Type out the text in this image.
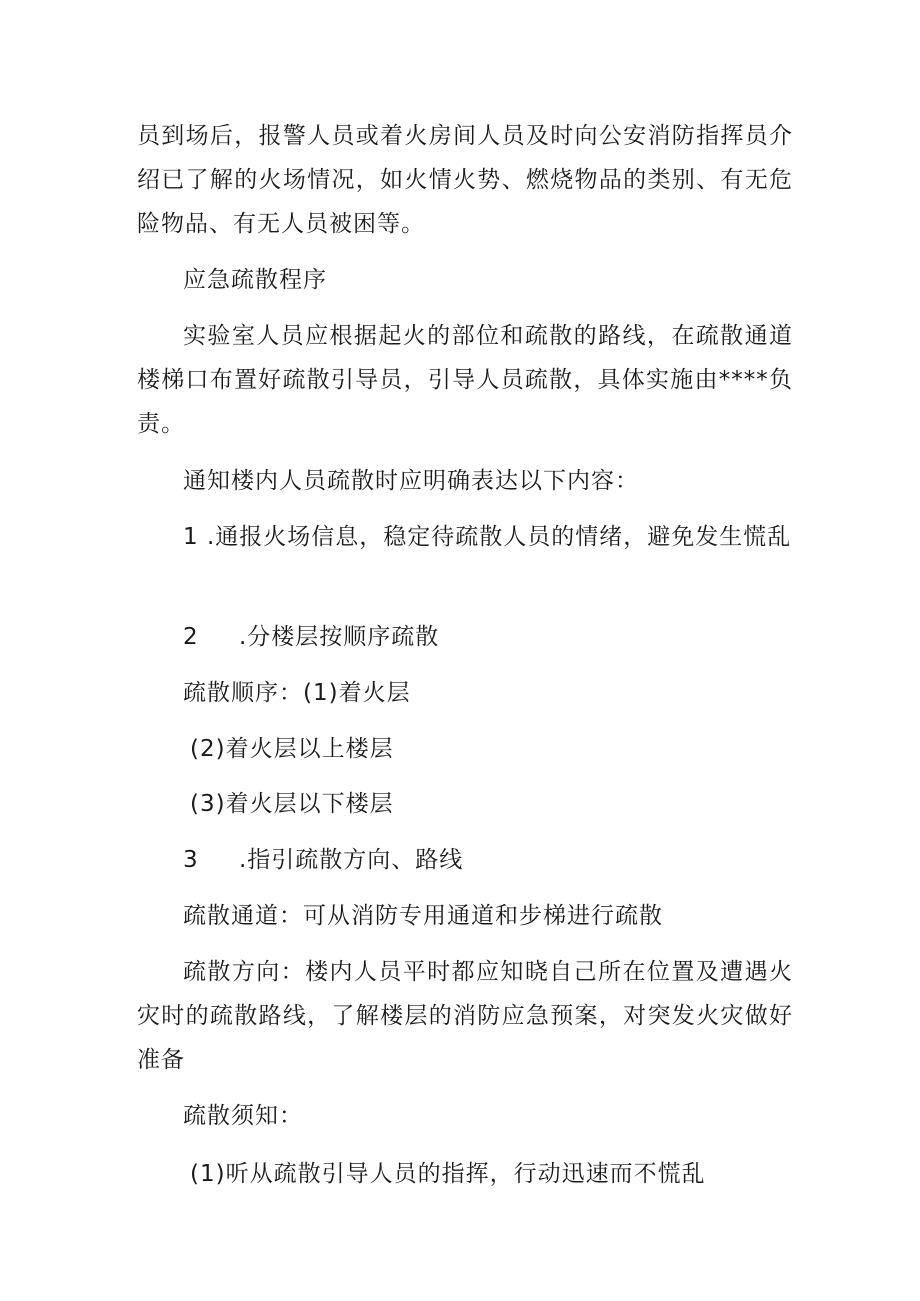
员到场后，报警人员或着火房间人员及时向公安消防指挥员介绍已了解的火场情况，如火情火势、燃烧物品的类别、有无危险物品、有无人员被困等。

应急疏散程序

实验室人员应根据起火的部位和疏散的路线，在疏散通道楼梯口布置好疏散引导员，引导人员疏散，具体实施由****负责。

通知楼内人员疏散时应明确表达以下内容：

1 .通报火场信息，稳定待疏散人员的情绪，避免发生慌乱

2 .分楼层按顺序疏散

疏散顺序：(1)着火层

(2)着火层以上楼层

(3)着火层以下楼层

3 .指引疏散方向、路线

疏散通道：可从消防专用通道和步梯进行疏散

疏散方向：楼内人员平时都应知晓自己所在位置及遭遇火灾时的疏散路线，了解楼层的消防应急预案，对突发火灾做好准备

疏散须知：

(1)听从疏散引导人员的指挥，行动迅速而不慌乱
